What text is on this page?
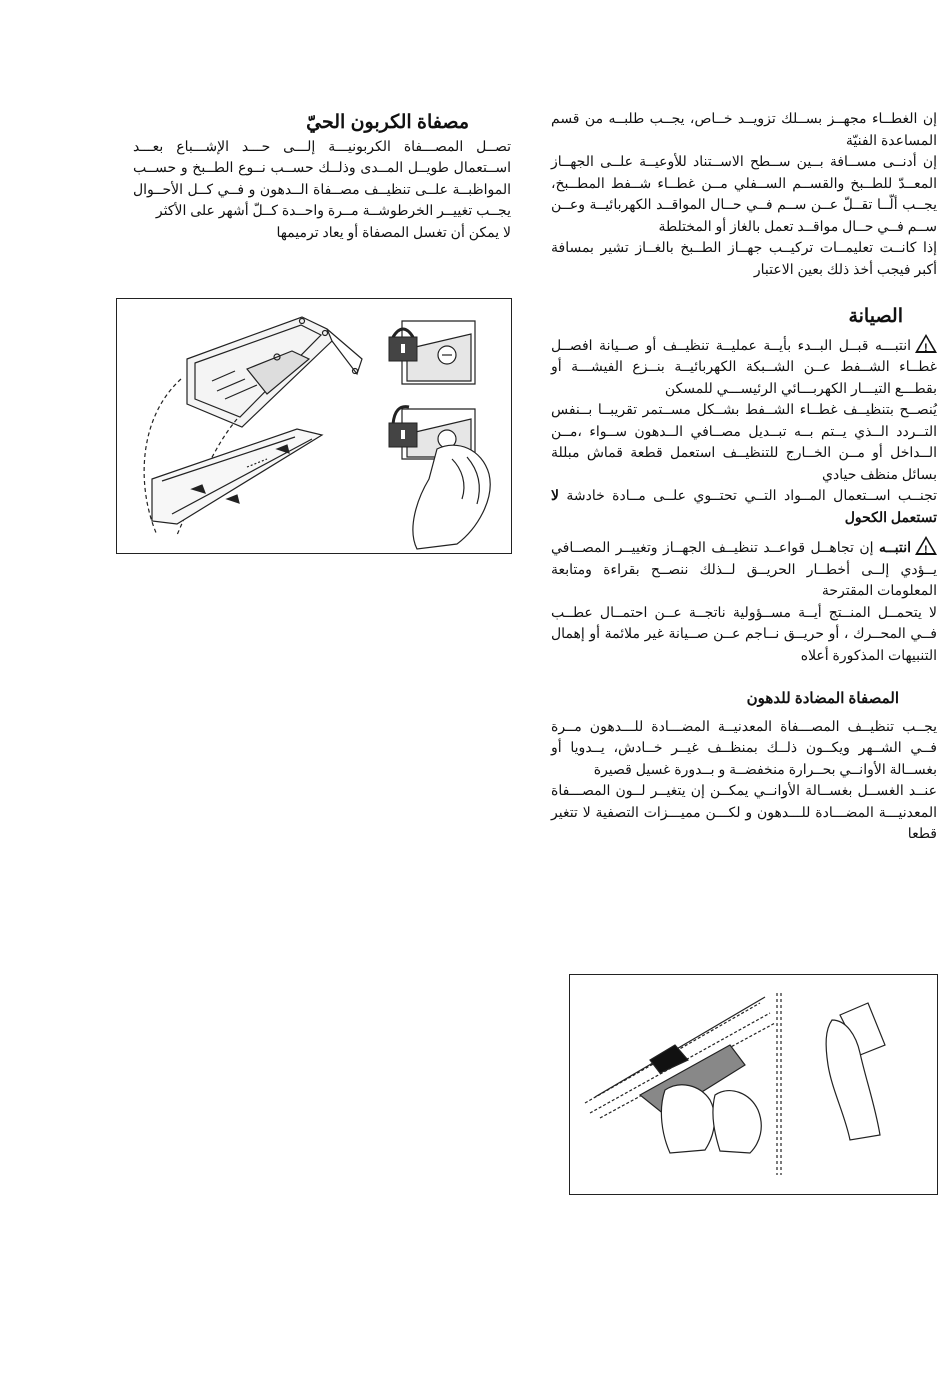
إن الغطــاء مجهــز بســلك تزويــد خــاص، يجــب طلبــه من قسم المساعدة الفنيّة

إن أدنــى مســافة بــين ســطح الاســتناد للأوعيــة علــى الجهــاز المعــدّ للطــبخ والقســم الســفلي مــن غطــاء شــفط المطــبخ، يجــب ألّــا تقــلّ عــن ســم فــي حــال المواقــد الكهربائيــة وعــن ســم فــي حــال مواقــد تعمل بالغاز أو المختلطة

إذا كانــت تعليمــات تركيــب جهــاز الطــبخ بالغــاز تشير بمسافة أكبر فيجب أخذ ذلك بعين الاعتبار

الصيانة

!
انتبـــه قبــل البــدء بأيــة عمليــة تنظيــف أو صــيانة افصــل غطــاء الشــفط عــن الشــبكة الكهربائيــة بنــزع الفيشـــة أو بقطـــع التيـــار الكهربـــائي الرئيســـي للمسكن

يُنصــح بتنظيــف غطــاء الشــفط بشــكل مســتمر تقريبــا بــنفس التــردد الــذي يــتم بــه تبــديل مصــافي الــدهون ســواء ،مــن الــداخل أو مــن الخــارج للتنظيــف استعمل قطعة قماش مبللة بسائل منظف حيادي

تجنــب اســتعمال المــواد التــي تحتــوي علــى مــادة خادشة لا تستعمل الكحول

!
انتبــه إن تجاهــل قواعــد تنظيــف الجهــاز وتغييــر المصــافي يــؤدي إلــى أخطــار الحريــق لــذلك ننصــح بقراءة ومتابعة المعلومات المقترحة

لا يتحمــل المنــتج أيــة مســؤولية ناتجــة عــن احتمــال عطــب فــي المحــرك ، أو حريــق نــاجم عــن صــيانة غير ملائمة أو إهمال التنبيهات المذكورة أعلاه

المصفاة المضادة للدهون

يجــب تنظيــف المصـــفاة المعدنيــة المضـــادة للـــدهون مــرة فــي الشــهر ويكــون ذلــك بمنظــف غيــر خــادش، يــدويا أو بغســالة الأوانــي بحــرارة منخفضــة و بــدورة غسيل قصيرة

عنــد الغســل بغســالة الأوانــي يمكــن إن يتغيــر لــون المصـــفاة المعدنيـــة المضـــادة للـــدهون و لكـــن مميـــزات التصفية لا تتغير قطعا

مصفاة الكربون الحيّ

تصــل المصـــفاة الكربونيـــة إلـــى حـــد الإشـــباع بعـــد اســتعمال طويــل المــدى وذلــك حســب نــوع الطــبخ و حســب المواظبــة علــى تنظيــف مصــفاة الــدهون و فــي كــل الأحــوال يجــب تغييــر الخرطوشــة مــرة واحــدة كــلّ أشهر على الأكثر

لا يمكن أن تغسل المصفاة أو يعاد ترميمها
